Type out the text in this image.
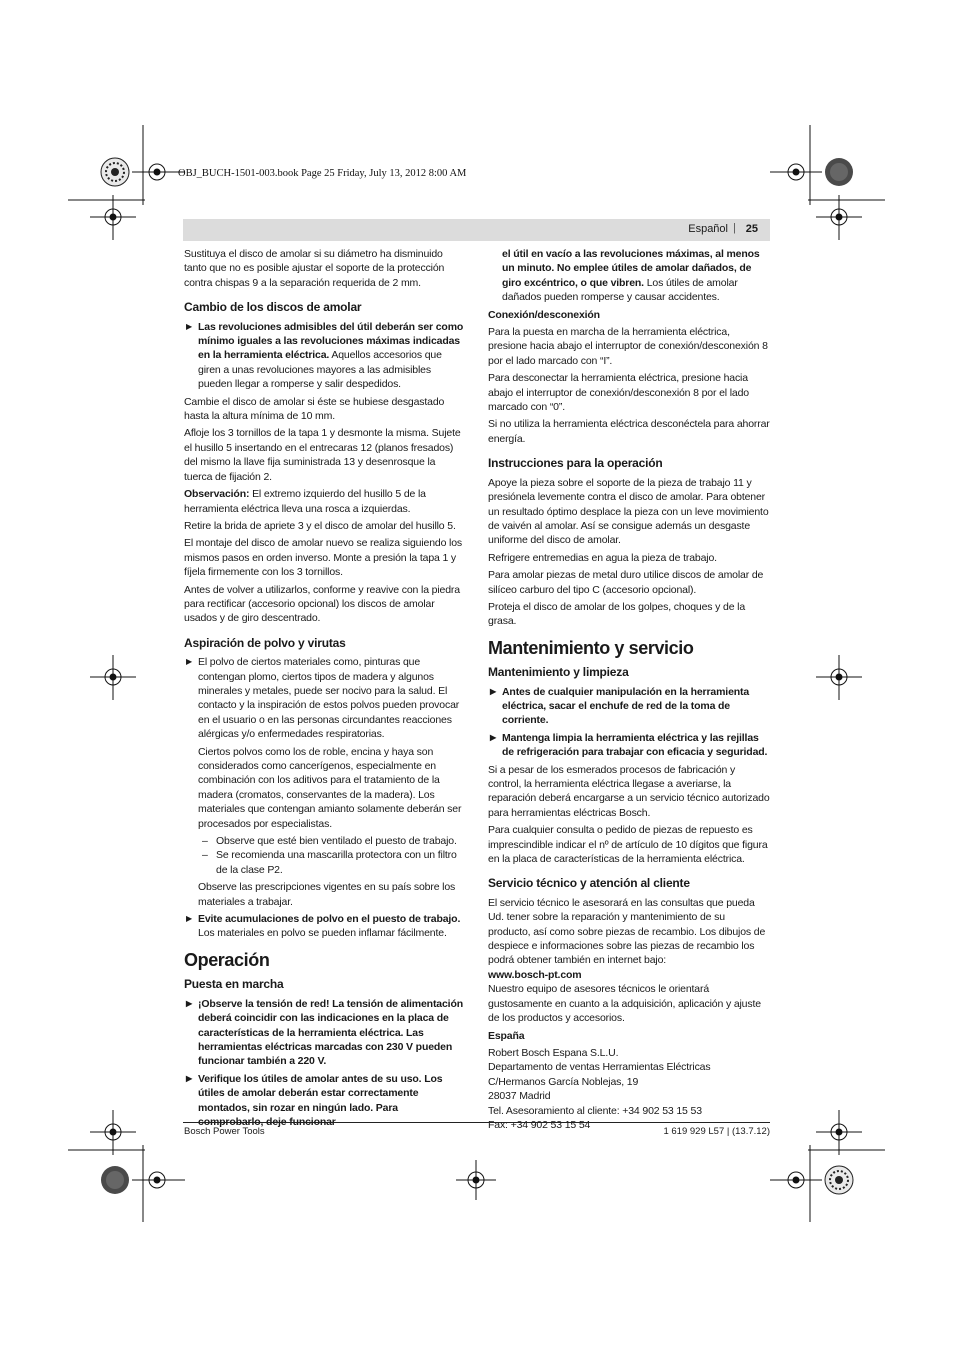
OBJ_BUCH-1501-003.book Page 25 Friday, July 13, 2012 8:00 AM
Español | 25

Sustituya el disco de amolar si su diámetro ha disminuido tanto que no es posible ajustar el soporte de la protección contra chispas 9 a la separación requerida de 2 mm.

Cambio de los discos de amolar
▶ Las revoluciones admisibles del útil deberán ser como mínimo iguales a las revoluciones máximas indicadas en la herramienta eléctrica. Aquellos accesorios que giren a unas revoluciones mayores a las admisibles pueden llegar a romperse y salir despedidos.

Cambie el disco de amolar si éste se hubiese desgastado hasta la altura mínima de 10 mm.

Afloje los 3 tornillos de la tapa 1 y desmonte la misma. Sujete el husillo 5 insertando en el entrecaras 12 (planos fresados) del mismo la llave fija suministrada 13 y desenrosque la tuerca de fijación 2.

Observación: El extremo izquierdo del husillo 5 de la herramienta eléctrica lleva una rosca a izquierdas.

Retire la brida de apriete 3 y el disco de amolar del husillo 5.

El montaje del disco de amolar nuevo se realiza siguiendo los mismos pasos en orden inverso. Monte a presión la tapa 1 y fíjela firmemente con los 3 tornillos.

Antes de volver a utilizarlos, conforme y reavive con la piedra para rectificar (accesorio opcional) los discos de amolar usados y de giro descentrado.

Aspiración de polvo y virutas
▶ El polvo de ciertos materiales como, pinturas que contengan plomo, ciertos tipos de madera y algunos minerales y metales, puede ser nocivo para la salud. El contacto y la inspiración de estos polvos pueden provocar en el usuario o en las personas circundantes reacciones alérgicas y/o enfermedades respiratorias.

Ciertos polvos como los de roble, encina y haya son considerados como cancerígenos, especialmente en combinación con los aditivos para el tratamiento de la madera (cromatos, conservantes de la madera). Los materiales que contengan amianto solamente deberán ser procesados por especialistas.

– Observe que esté bien ventilado el puesto de trabajo.
– Se recomienda una mascarilla protectora con un filtro de la clase P2.

Observe las prescripciones vigentes en su país sobre los materiales a trabajar.

▶ Evite acumulaciones de polvo en el puesto de trabajo. Los materiales en polvo se pueden inflamar fácilmente.
Operación
Puesta en marcha
▶ ¡Observe la tensión de red! La tensión de alimentación deberá coincidir con las indicaciones en la placa de características de la herramienta eléctrica. Las herramientas eléctricas marcadas con 230 V pueden funcionar también a 220 V.
▶ Verifique los útiles de amolar antes de su uso. Los útiles de amolar deberán estar correctamente montados, sin rozar en ningún lado. Para comprobarlo, deje funcionar

el útil en vacío a las revoluciones máximas, al menos un minuto. No emplee útiles de amolar dañados, de giro excéntrico, o que vibren. Los útiles de amolar dañados pueden romperse y causar accidentes.

Conexión/desconexión

Para la puesta en marcha de la herramienta eléctrica, presione hacia abajo el interruptor de conexión/desconexión 8 por el lado marcado con “I”.

Para desconectar la herramienta eléctrica, presione hacia abajo el interruptor de conexión/desconexión 8 por el lado marcado con “0”.

Si no utiliza la herramienta eléctrica desconéctela para ahorrar energía.

Instrucciones para la operación

Apoye la pieza sobre el soporte de la pieza de trabajo 11 y presiónela levemente contra el disco de amolar. Para obtener un resultado óptimo desplace la pieza con un leve movimiento de vaivén al amolar. Así se consigue además un desgaste uniforme del disco de amolar.

Refrigere entremedias en agua la pieza de trabajo.

Para amolar piezas de metal duro utilice discos de amolar de silíceo carburo del tipo C (accesorio opcional).

Proteja el disco de amolar de los golpes, choques y de la grasa.

Mantenimiento y servicio
Mantenimiento y limpieza
▶ Antes de cualquier manipulación en la herramienta eléctrica, sacar el enchufe de red de la toma de corriente.
▶ Mantenga limpia la herramienta eléctrica y las rejillas de refrigeración para trabajar con eficacia y seguridad.

Si a pesar de los esmerados procesos de fabricación y control, la herramienta eléctrica llegase a averiarse, la reparación deberá encargarse a un servicio técnico autorizado para herramientas eléctricas Bosch.

Para cualquier consulta o pedido de piezas de repuesto es imprescindible indicar el nº de artículo de 10 dígitos que figura en la placa de características de la herramienta eléctrica.

Servicio técnico y atención al cliente

El servicio técnico le asesorará en las consultas que pueda Ud. tener sobre la reparación y mantenimiento de su producto, así como sobre piezas de recambio. Los dibujos de despiece e informaciones sobre las piezas de recambio los podrá obtener también en internet bajo:

www.bosch-pt.com

Nuestro equipo de asesores técnicos le orientará gustosamente en cuanto a la adquisición, aplicación y ajuste de los productos y accesorios.

España
Robert Bosch Espana S.L.U.
Departamento de ventas Herramientas Eléctricas
C/Hermanos García Noblejas, 19
28037 Madrid
Tel. Asesoramiento al cliente: +34 902 53 15 53
Fax: +34 902 53 15 54
Bosch Power Tools	1 619 929 L57 | (13.7.12)
